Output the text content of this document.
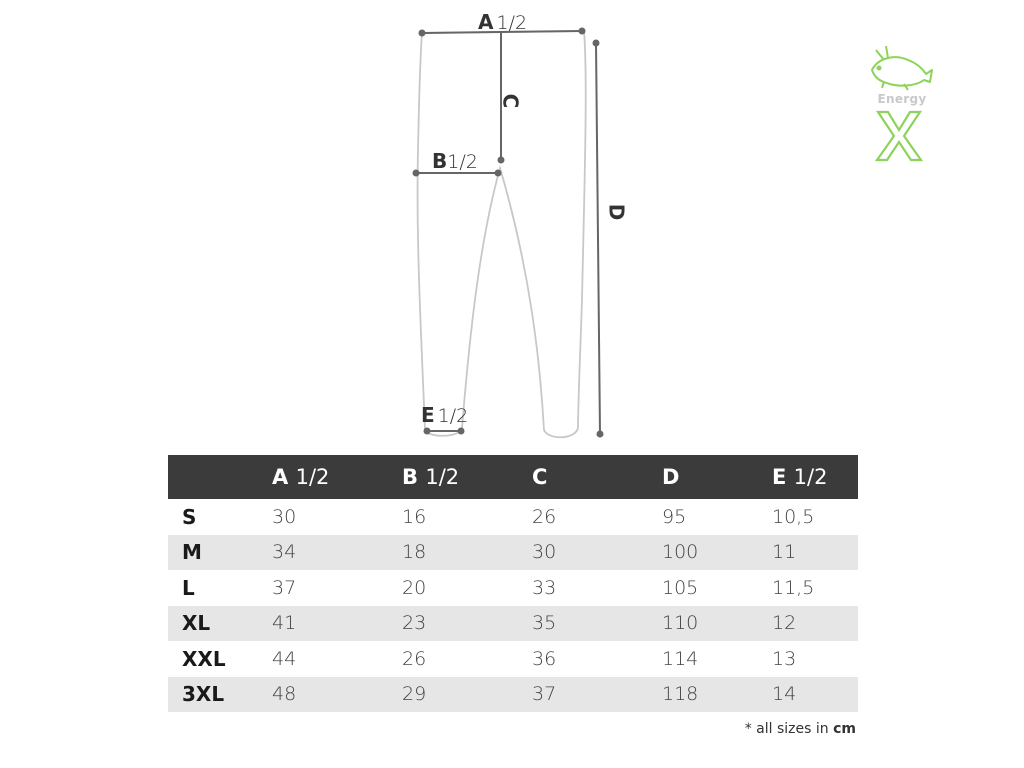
A 1/2
B1/2
C
D
E 1/2
Energy
	A 1/2	B 1/2	C	D	E 1/2
S	30	16	26	95	10,5
M	34	18	30	100	11
L	37	20	33	105	11,5
XL	41	23	35	110	12
XXL	44	26	36	114	13
3XL	48	29	37	118	14
* all sizes in cm
